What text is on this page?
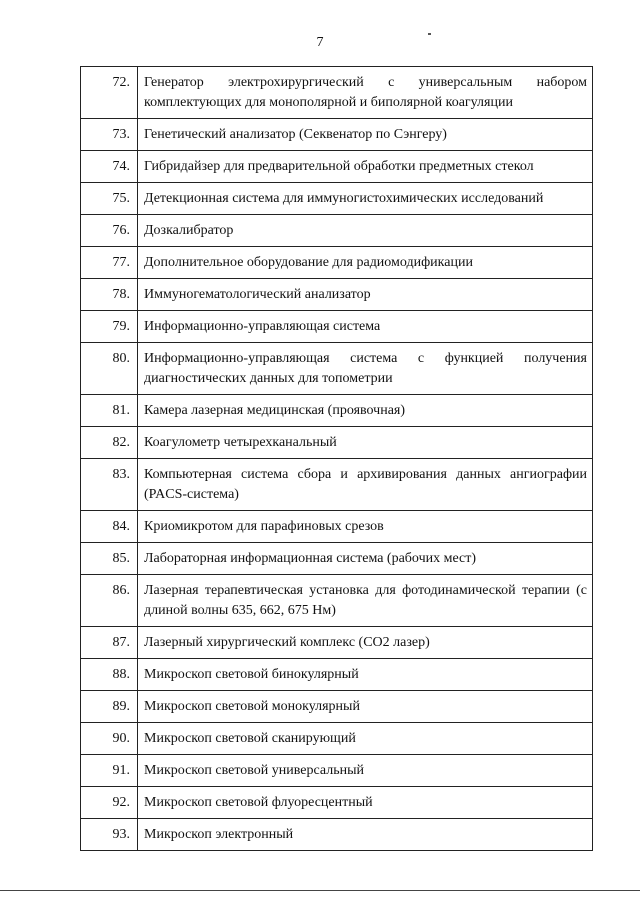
7
72.	Генератор электрохирургический с универсальным набором комплектующих для монополярной и биполярной коагуляции
73.	Генетический анализатор (Секвенатор по Сэнгеру)
74.	Гибридайзер для предварительной обработки предметных стекол
75.	Детекционная система для иммуногистохимических исследований
76.	Дозкалибратор
77.	Дополнительное оборудование для радиомодификации
78.	Иммуногематологический анализатор
79.	Информационно-управляющая система
80.	Информационно-управляющая система с функцией получения диагностических данных для топометрии
81.	Камера лазерная медицинская (проявочная)
82.	Коагулометр четырехканальный
83.	Компьютерная система сбора и архивирования данных ангиографии (PACS-система)
84.	Криомикротом для парафиновых срезов
85.	Лабораторная информационная система (рабочих мест)
86.	Лазерная терапевтическая установка для фотодинамической терапии (с длиной волны 635, 662, 675 Нм)
87.	Лазерный хирургический комплекс (СО2 лазер)
88.	Микроскоп световой бинокулярный
89.	Микроскоп световой монокулярный
90.	Микроскоп световой сканирующий
91.	Микроскоп световой универсальный
92.	Микроскоп световой флуоресцентный
93.	Микроскоп электронный
